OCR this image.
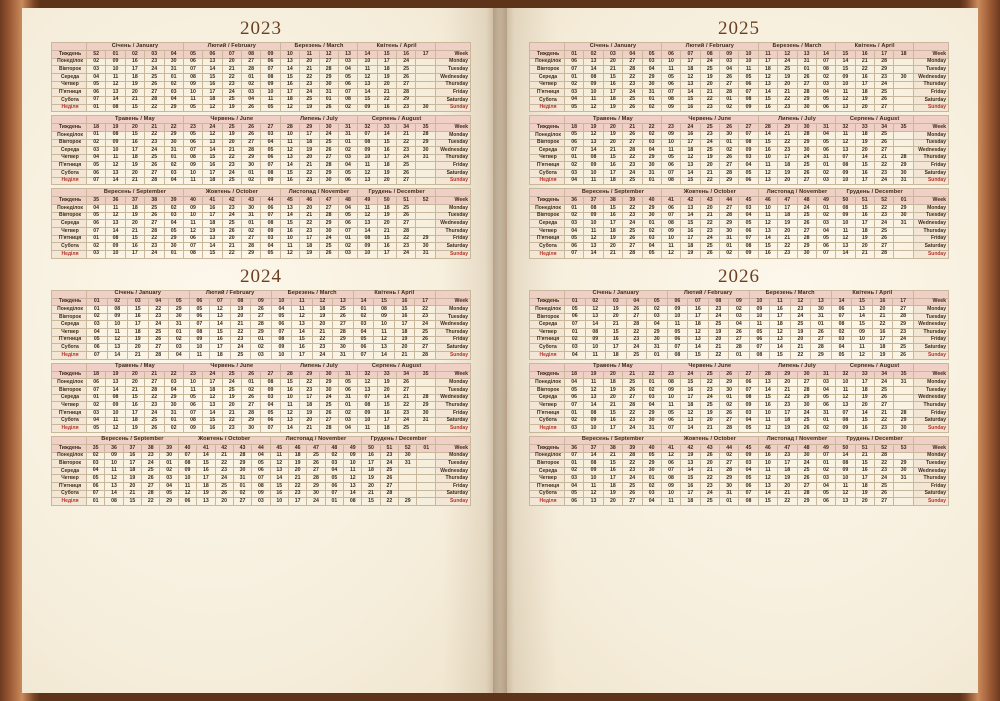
2023
	Січень / January					Лютий / February					Березень / March				Квітень / April				
Тиждень	52	01	02	03	04	05	06	07	08	09	10	11	12	13	14	15	16	17	Week
Понеділок	02	09	16	23	30	06	13	20	27	06	13	20	27	03	10	17	24		Monday
Вівторок	03	10	17	24	31	07	14	21	28	07	14	21	28	04	11	18	25		Tuesday
Середа	04	11	18	25	01	08	15	22	01	08	15	22	29	05	12	19	26		Wednesday
Четвер	05	12	19	26	02	09	16	23	02	09	16	23	30	06	13	20	27		Thursday
П'ятниця	06	13	20	27	03	10	17	24	03	10	17	24	31	07	14	21	28		Friday
Субота	07	14	21	28	04	11	18	25	04	11	18	25	01	08	15	22	29		Saturday
Неділя	01	08	15	22	29	05	12	19	26	05	12	19	26	02	09	16	23	30	Sunday
	Травень / May					Червень / June					Липень / July				Серпень / August				
Тиждень	18	19	20	21	22	23	24	25	26	27	28	29	30	31	32	33	34	35	Week
Понеділок	01	08	15	22	29	05	12	19	26	03	10	17	24	31	07	14	21	28	Monday
Вівторок	02	09	16	23	30	06	13	20	27	04	11	18	25	01	08	15	22	29	Tuesday
Середа	03	10	17	24	31	07	14	21	28	05	12	19	26	02	09	16	23	30	Wednesday
Четвер	04	11	18	25	01	08	15	22	29	06	13	20	27	03	10	17	24	31	Thursday
П'ятниця	05	12	19	26	02	09	16	23	30	07	14	21	28	04	11	18	25		Friday
Субота	06	13	20	27	03	10	17	24	01	08	15	22	29	05	12	19	26		Saturday
Неділя	07	14	21	28	04	11	18	25	02	09	16	23	30	06	13	20	27		Sunday
	Вересень / September					Жовтень / October					Листопад / November				Грудень / December				
Тиждень	35	36	37	38	39	40	41	42	43	44	45	46	47	48	49	50	51	52	Week
Понеділок	04	11	18	25	02	09	16	23	30	06	13	20	27	04	11	18	25		Monday
Вівторок	05	12	19	26	03	10	17	24	31	07	14	21	28	05	12	19	26		Tuesday
Середа	06	13	20	27	04	11	18	25	01	08	15	22	29	06	13	20	27		Wednesday
Четвер	07	14	21	28	05	12	19	26	02	09	16	23	30	07	14	21	28		Thursday
П'ятниця	01	08	15	22	29	06	13	20	27	03	10	17	24	01	08	15	22	29	Friday
Субота	02	09	16	23	30	07	14	21	28	04	11	18	25	02	09	16	23	30	Saturday
Неділя	03	10	17	24	01	08	15	22	29	05	12	19	26	03	10	17	24	31	Sunday
2024
	Січень / January					Лютий / February				Березень / March				Квітень / April				
Тиждень	01	02	03	04	05	06	07	08	09	10	11	12	13	14	15	16	17	Week
Понеділок	01	08	15	22	29	05	12	19	26	04	11	18	25	01	08	15	22	Monday
Вівторок	02	09	16	23	30	06	13	20	27	05	12	19	26	02	09	16	23	Tuesday
Середа	03	10	17	24	31	07	14	21	28	06	13	20	27	03	10	17	24	Wednesday
Четвер	04	11	18	25	01	08	15	22	29	07	14	21	28	04	11	18	25	Thursday
П'ятниця	05	12	19	26	02	09	16	23	01	08	15	22	29	05	12	19	26	Friday
Субота	06	13	20	27	03	10	17	24	02	09	16	23	30	06	13	20	27	Saturday
Неділя	07	14	21	28	04	11	18	25	03	10	17	24	31	07	14	21	28	Sunday
	Травень / May					Червень / June					Липень / July				Серпень / August				
Тиждень	18	19	20	21	22	23	24	25	26	27	28	29	30	31	32	33	34	35	Week
Понеділок	06	13	20	27	03	10	17	24	01	08	15	22	29	05	12	19	26		Monday
Вівторок	07	14	21	28	04	11	18	25	02	09	16	23	30	06	13	20	27		Tuesday
Середа	01	08	15	22	29	05	12	19	26	03	10	17	24	31	07	14	21	28	Wednesday
Четвер	02	09	16	23	30	06	13	20	27	04	11	18	25	01	08	15	22	29	Thursday
П'ятниця	03	10	17	24	31	07	14	21	28	05	12	19	26	02	09	16	23	30	Friday
Субота	04	11	18	25	01	08	15	22	29	06	13	20	27	03	10	17	24	31	Saturday
Неділя	05	12	19	26	02	09	16	23	30	07	14	21	28	04	11	18	25		Sunday
	Вересень / September					Жовтень / October					Листопад / November					Грудень / December				
Тиждень	35	36	37	38	39	40	41	42	43	44	45	46	47	48	49	50	51	52	01	Week
Понеділок	02	09	16	23	30	07	14	21	28	04	11	18	25	02	09	16	23	30		Monday
Вівторок	03	10	17	24	01	08	15	22	29	05	12	19	26	03	10	17	24	31		Tuesday
Середа	04	11	18	25	02	09	16	23	30	06	13	20	27	04	11	18	25			Wednesday
Четвер	05	12	19	26	03	10	17	24	31	07	14	21	28	05	12	19	26			Thursday
П'ятниця	06	13	20	27	04	11	18	25	01	08	15	22	29	06	13	20	27			Friday
Субота	07	14	21	28	05	12	19	26	02	09	16	23	30	07	14	21	28			Saturday
Неділя	01	08	15	22	29	06	13	20	27	03	10	17	24	01	08	15	22	29		Sunday
2025
	Січень / January					Лютий / February					Березень / March				Квітень / April				
Тиждень	01	02	03	04	05	06	07	08	09	10	11	12	13	14	15	16	17	18	Week
Понеділок	06	13	20	27	03	10	17	24	03	10	17	24	31	07	14	21	28		Monday
Вівторок	07	14	21	28	04	11	18	25	04	11	18	25	01	08	15	22	29		Tuesday
Середа	01	08	15	22	29	05	12	19	26	05	12	19	26	02	09	16	23	30	Wednesday
Четвер	02	09	16	23	30	06	13	20	27	06	13	20	27	03	10	17	24		Thursday
П'ятниця	03	10	17	24	31	07	14	21	28	07	14	21	28	04	11	18	25		Friday
Субота	04	11	18	25	01	08	15	22	01	08	15	22	29	05	12	19	26		Saturday
Неділя	05	12	19	26	02	09	16	23	02	09	16	23	30	06	13	20	27		Sunday
	Травень / May					Червень / June					Липень / July				Серпень / August				
Тиждень	18	19	20	21	22	23	24	25	26	27	28	29	30	31	32	33	34	35	Week
Понеділок	05	12	19	26	02	09	16	23	30	07	14	21	28	04	11	18	25		Monday
Вівторок	06	13	20	27	03	10	17	24	01	08	15	22	29	05	12	19	26		Tuesday
Середа	07	14	21	28	04	11	18	25	02	09	16	23	30	06	13	20	27		Wednesday
Четвер	01	08	15	22	29	05	12	19	26	03	10	17	24	31	07	14	21	28	Thursday
П'ятниця	02	09	16	23	30	06	13	20	27	04	11	18	25	01	08	15	22	29	Friday
Субота	03	10	17	24	31	07	14	21	28	05	12	19	26	02	09	16	23	30	Saturday
Неділя	04	11	18	25	01	08	15	22	29	06	13	20	27	03	10	17	24	31	Sunday
	Вересень / September					Жовтень / October					Листопад / November				Грудень / December				
Тиждень	36	37	38	39	40	41	42	43	44	45	46	47	48	49	50	51	52	01	Week
Понеділок	01	08	15	22	29	06	13	20	27	03	10	17	24	01	08	15	22	29	Monday
Вівторок	02	09	16	23	30	07	14	21	28	04	11	18	25	02	09	16	23	30	Tuesday
Середа	03	10	17	24	01	08	15	22	29	05	12	19	26	03	10	17	24	31	Wednesday
Четвер	04	11	18	25	02	09	16	23	30	06	13	20	27	04	11	18	25		Thursday
П'ятниця	05	12	19	26	03	10	17	24	31	07	14	21	28	05	12	19	26		Friday
Субота	06	13	20	27	04	11	18	25	01	08	15	22	29	06	13	20	27		Saturday
Неділя	07	14	21	28	05	12	19	26	02	09	16	23	30	07	14	21	28		Sunday
2026
	Січень / January					Лютий / February				Березень / March				Квітень / April				
Тиждень	01	02	03	04	05	06	07	08	09	10	11	12	13	14	15	16	17	Week
Понеділок	05	12	19	26	02	09	16	23	02	09	16	23	30	06	13	20	27	Monday
Вівторок	06	13	20	27	03	10	17	24	03	10	17	24	31	07	14	21	28	Tuesday
Середа	07	14	21	28	04	11	18	25	04	11	18	25	01	08	15	22	29	Wednesday
Четвер	01	08	15	22	29	05	12	19	26	05	12	19	26	02	09	16	23	Thursday
П'ятниця	02	09	16	23	30	06	13	20	27	06	13	20	27	03	10	17	24	Friday
Субота	03	10	17	24	31	07	14	21	28	07	14	21	28	04	11	18	25	Saturday
Неділя	04	11	18	25	01	08	15	22	01	08	15	22	29	05	12	19	26	Sunday
	Травень / May					Червень / June					Липень / July				Серпень / August				
Тиждень	18	19	20	21	22	23	24	25	26	27	28	29	30	31	32	33	34	35	Week
Понеділок	04	11	18	25	01	08	15	22	29	06	13	20	27	03	10	17	24	31	Monday
Вівторок	05	12	19	26	02	09	16	23	30	07	14	21	28	04	11	18	25		Tuesday
Середа	06	13	20	27	03	10	17	24	01	08	15	22	29	05	12	19	26		Wednesday
Четвер	07	14	21	28	04	11	18	25	02	09	16	23	30	06	13	20	27		Thursday
П'ятниця	01	08	15	22	29	05	12	19	26	03	10	17	24	31	07	14	21	28	Friday
Субота	02	09	16	23	30	06	13	20	27	04	11	18	25	01	08	15	22	29	Saturday
Неділя	03	10	17	24	31	07	14	21	28	05	12	19	26	02	09	16	23	30	Sunday
	Вересень / September					Жовтень / October					Листопад / November				Грудень / December				
Тиждень	36	37	38	39	40	41	42	43	44	45	46	47	48	49	50	51	52	53	Week
Понеділок	07	14	21	28	05	12	19	26	02	09	16	23	30	07	14	21	28		Monday
Вівторок	01	08	15	22	29	06	13	20	27	03	10	17	24	01	08	15	22	29	Tuesday
Середа	02	09	16	23	30	07	14	21	28	04	11	18	25	02	09	16	23	30	Wednesday
Четвер	03	10	17	24	01	08	15	22	29	05	12	19	26	03	10	17	24	31	Thursday
П'ятниця	04	11	18	25	02	09	16	23	30	06	13	20	27	04	11	18	25		Friday
Субота	05	12	19	26	03	10	17	24	31	07	14	21	28	05	12	19	26		Saturday
Неділя	06	13	20	27	04	11	18	25	01	08	15	22	29	06	13	20	27		Sunday
